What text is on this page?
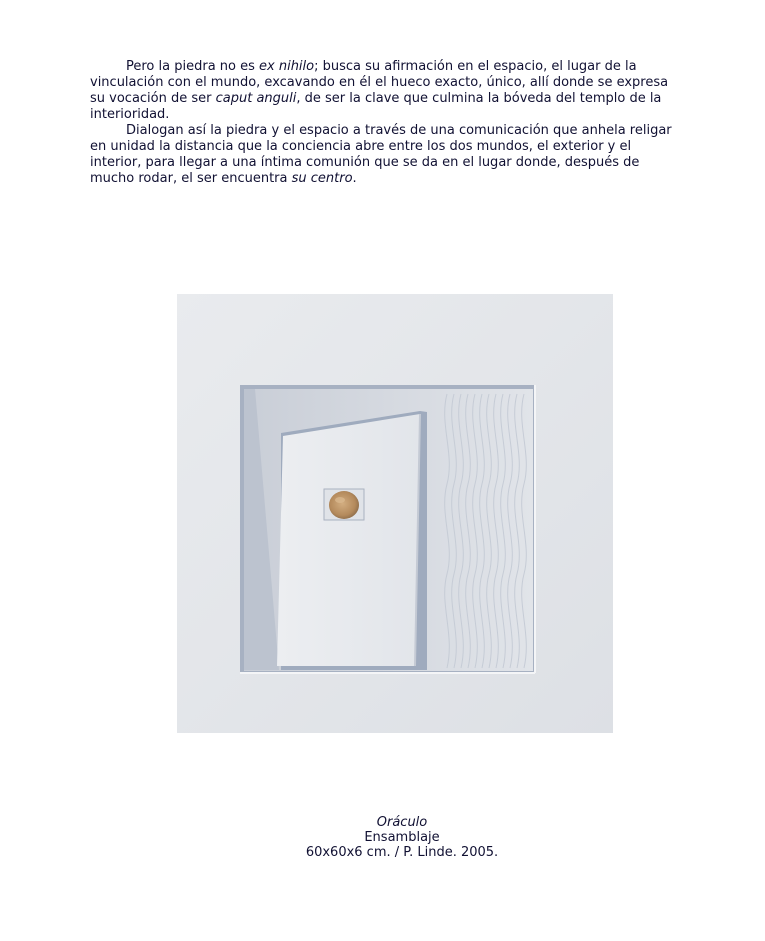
Pero la piedra no es ex nihilo; busca su afirmación en el espacio, el lugar de la vinculación con el mundo, excavando en él el hueco exacto, único, allí donde se expresa su vocación de ser caput anguli, de ser la clave que culmina la bóveda del templo de la interioridad.

Dialogan así la piedra y el espacio a través de una comunicación que anhela religar en unidad la distancia que la conciencia abre entre los dos mundos, el exterior y el interior, para llegar a una íntima comunión que se da en el lugar donde, después de mucho rodar, el ser encuentra su centro.

Oráculo
Ensamblaje
60x60x6 cm. / P. Linde. 2005.
